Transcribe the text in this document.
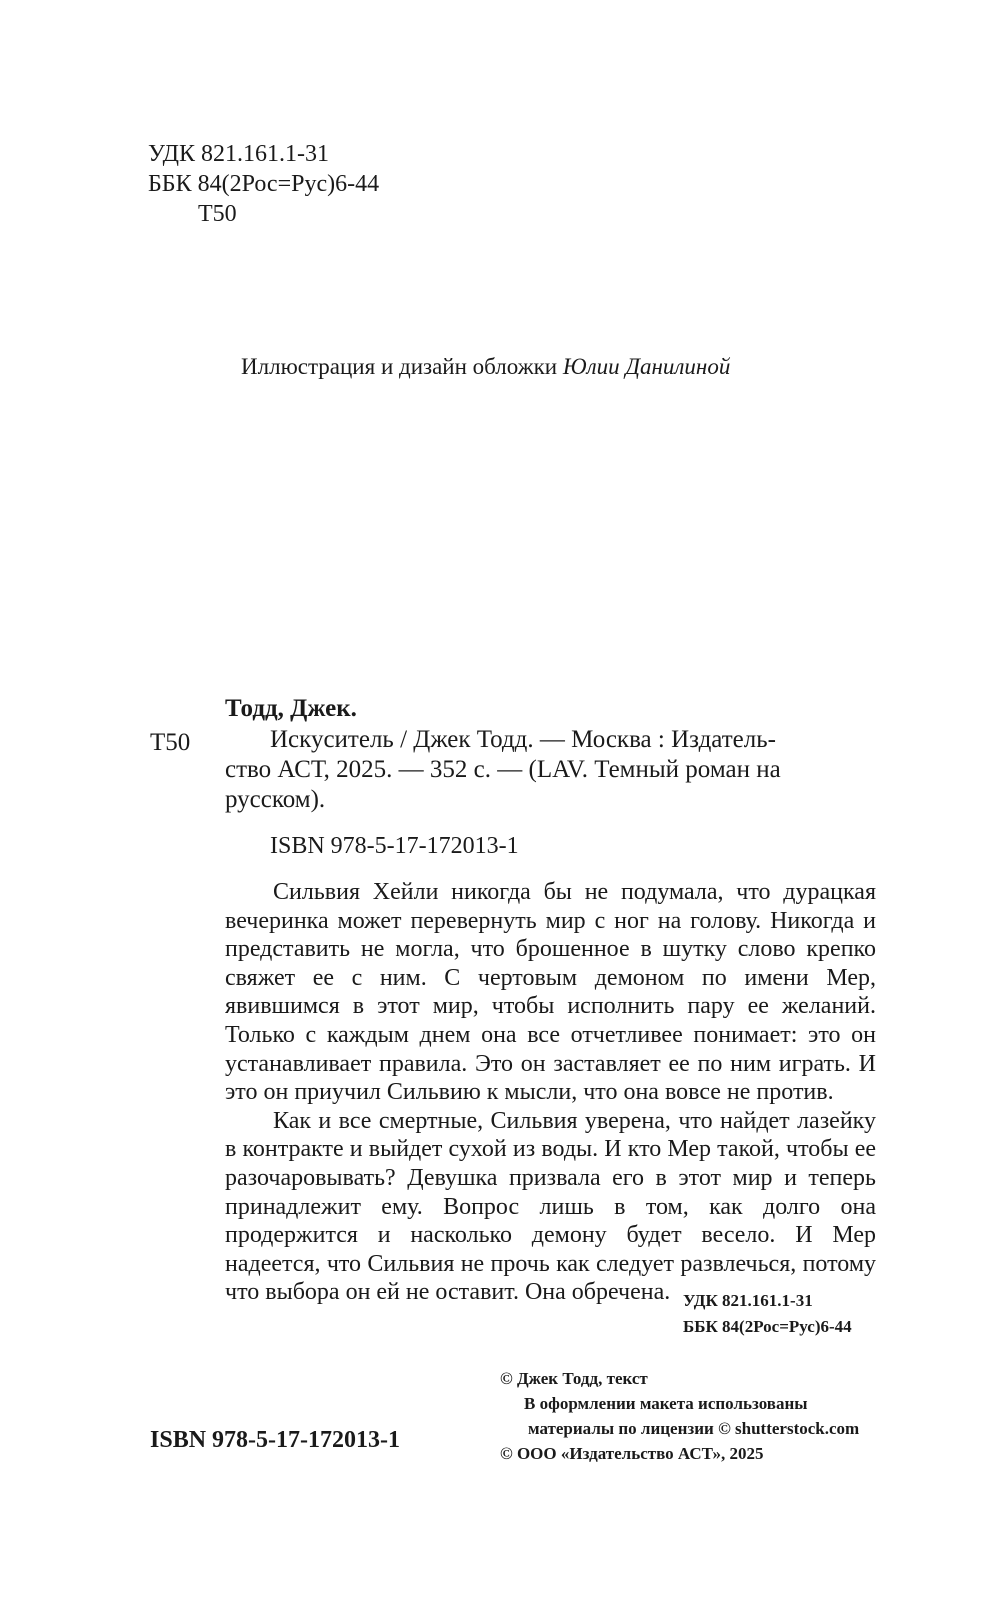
УДК 821.161.1-31
ББК 84(2Рос=Рус)6-44
Т50
Иллюстрация и дизайн обложки Юлии Данилиной
Тодд, Джек.
Т50	Искуситель / Джек Тодд. — Москва : Издатель-
ство АСТ, 2025. — 352 с. — (LAV. Темный роман на
русском).
ISBN 978-5-17-172013-1

Сильвия Хейли никогда бы не подумала, что дурацкая вечеринка может перевернуть мир с ног на голову. Никогда и представить не могла, что брошенное в шутку слово крепко свяжет ее с ним. С чертовым демоном по имени Мер, явившимся в этот мир, чтобы исполнить пару ее желаний. Только с каждым днем она все отчетливее понимает: это он устанавливает правила. Это он заставляет ее по ним играть. И это он приучил Сильвию к мысли, что она вовсе не против.

Как и все смертные, Сильвия уверена, что найдет лазейку в контракте и выйдет сухой из воды. И кто Мер такой, чтобы ее разочаровывать? Девушка призвала его в этот мир и теперь принадлежит ему. Вопрос лишь в том, как долго она продержится и насколько демону будет весело. И Мер надеется, что Сильвия не прочь как следует развлечься, потому что выбора он ей не оставит. Она обречена. УДК 821.161.1-31
ББК 84(2Рос=Рус)6-44
© Джек Тодд, текст
В оформлении макета использованы
материалы по лицензии © shutterstock.com
© ООО «Издательство АСТ», 2025
ISBN 978-5-17-172013-1
